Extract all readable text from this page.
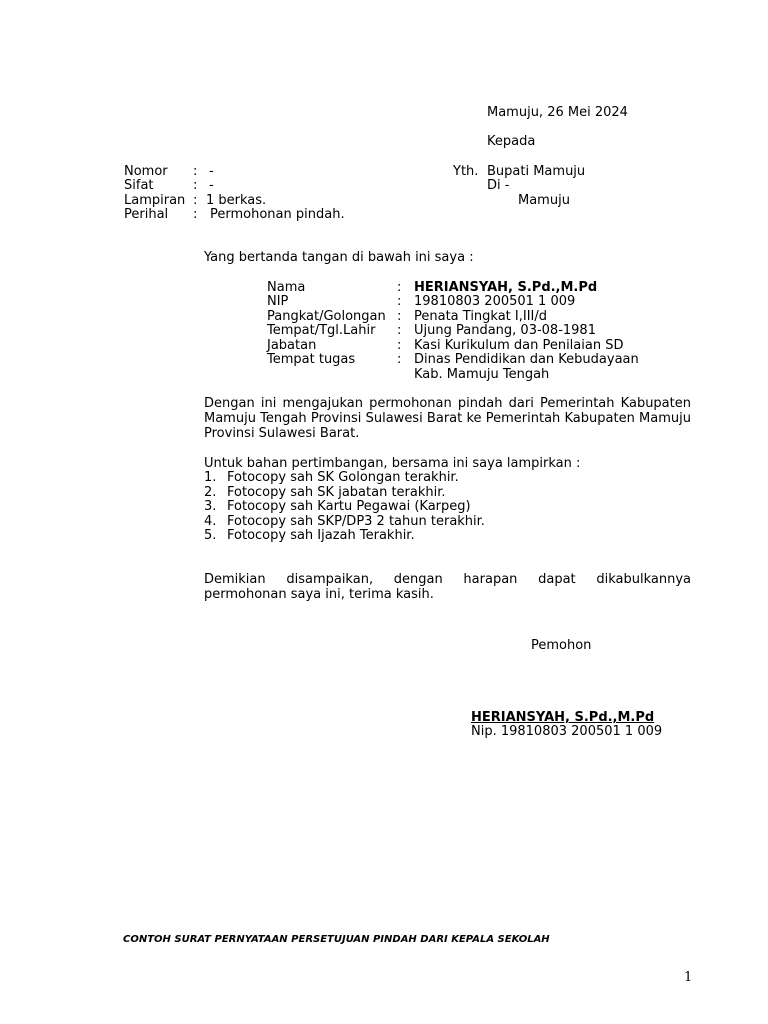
Mamuju, 26 Mei 2024
Kepada
Nomor : -
Sifat	: -
Lampiran : 1 berkas.
Perihal : Permohonan pindah.
Yth. Bupati Mamuju
Di -
Mamuju
Yang bertanda tangan di bawah ini saya :
Nama	: HERIANSYAH, S.Pd.,M.Pd
NIP	: 19810803 200501 1 009
Pangkat/Golongan : Penata Tingkat I,III/d
Tempat/Tgl.Lahir : Ujung Pandang, 03-08-1981
Jabatan	: Kasi Kurikulum dan Penilaian SD
Tempat tugas	: Dinas Pendidikan dan Kebudayaan
Kab. Mamuju Tengah
Dengan ini mengajukan permohonan pindah dari Pemerintah Kabupaten Mamuju Tengah Provinsi Sulawesi Barat ke Pemerintah Kabupaten Mamuju Provinsi Sulawesi Barat.
Untuk bahan pertimbangan, bersama ini saya lampirkan :
1. Fotocopy sah SK Golongan terakhir.
2. Fotocopy sah SK jabatan terakhir.
3. Fotocopy sah Kartu Pegawai (Karpeg)
4. Fotocopy sah SKP/DP3 2 tahun terakhir.
5. Fotocopy sah Ijazah Terakhir.
Demikian disampaikan, dengan harapan dapat dikabulkannya permohonan saya ini, terima kasih.
Pemohon
HERIANSYAH, S.Pd.,M.Pd
Nip. 19810803 200501 1 009
CONTOH SURAT PERNYATAAN PERSETUJUAN PINDAH DARI KEPALA SEKOLAH
1
